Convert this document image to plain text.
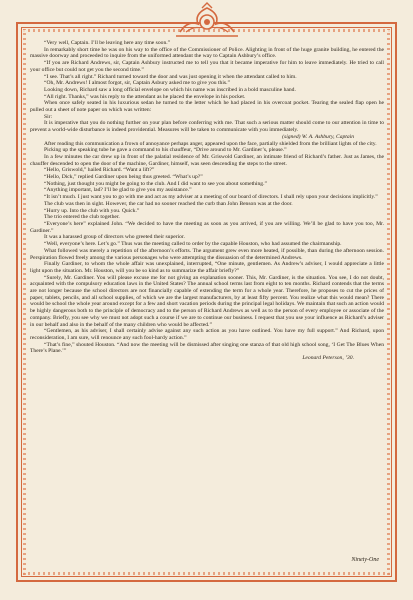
“Very well, Captain. I’ll be leaving here any time soon.”

In remarkably short time he was on his way to the office of the Commissioner of Police. Alighting in front of the huge granite building, he entered the massive doorway and proceeded to inquire from the uniformed attendant the way to Captain Ashbury’s office.

“If you are Richard Andrews, sir, Captain Ashbury instructed me to tell you that it became imperative for him to leave immediately. He tried to call your office but could not get you the second time.”

“I see. That’s all right.” Richard turned toward the door and was just opening it when the attendant called to him.

“Oh, Mr. Andrews! I almost forgot, sir, Captain Asbury asked me to give you this.”

Looking down, Richard saw a long official envelope on which his name was inscribed in a bold masculine hand.

“All right. Thanks,” was his reply to the attendant as he placed the envelope in his pocket.

When once safely seated in his luxurious sedan he turned to the letter which he had placed in his overcoat pocket. Tearing the sealed flap open he pulled out a sheet of note paper on which was written:

Sir:

It is imperative that you do nothing further on your plan before conferring with me. That such a serious matter should come to our attention in time to prevent a world-wide disturbance is indeed providential. Measures will be taken to communicate with you immediately.

(signed) W. A. Ashbury, Captain

After reading this communication a frown of annoyance perhaps anger, appeared upon the face, partially shielded from the brilliant lights of the city.

Picking up the speaking tube he gave a command to his chauffeur, “Drive around to Mr. Gardiner’s, please.”

In a few minutes the car drew up in front of the palatial residence of Mr. Griswold Gardiner, an intimate friend of Richard’s father. Just as James, the chauffer descended to open the door of the machine, Gardiner, himself, was seen descending the steps to the street.

“Hello, Griswold,” hailed Richard. “Want a lift?”

“Hello, Dick,” replied Gardiner upon being thus greeted. “What’s up?”

“Nothing, just thought you might be going to the club. And I did want to see you about something.”

“Anything important, lad? I’ll be glad to give you my assistance.”

“It isn’t much. I just want you to go with me and act as my adviser at a meeting of our board of directors. I shall rely upon your decisions implicitly.”

The club was then in sight. However, the car had no sooner reached the curb than John Benson was at the door.

“Hurry up. Into the club with you. Quick.”

The trio entered the club together.

“Everyone’s here” explained John. “We decided to have the meeting as soon as you arrived, if you are willing. We’ll be glad to have you too, Mr. Gardiner.”

It was a harassed group of directors who greeted their superior.

“Well, everyone’s here. Let’s go.” Thus was the meeting called to order by the capable Houston, who had assumed the chairmanship.

What followed was merely a repetition of the afternoon’s efforts. The argument grew even more heated, if possible, than during the afternoon session. Perspiration flowed freely among the various personages who were attempting the dissuasion of the determined Andrews.

Finally Gardiner, to whom the whole affair was unexplained, interrupted, “One minute, gentlemen. As Andrew’s adviser, I would appreciate a little light upon the situation. Mr. Houston, will you be so kind as to summarize the affair briefly?”

“Surely, Mr. Gardiner. You will please excuse me for not giving an explanation sooner. This, Mr. Gardiner, is the situation. You see, I do not doubt, acquainted with the compulsory education laws in the United States? The annual school terms last from eight to ten months. Richard contends that the terms are not longer because the school directors are not financially capable of extending the term for a whole year. Therefore, he proposes to cut the prices of paper, tablets, pencils, and all school supplies, of which we are the largest manufacturers, by at least fifty percent. You realize what this would mean? There would be school the whole year around except for a few and short vacation periods during the principal legal holidays. We maintain that such an action would be highly dangerous both to the principle of democracy and to the person of Richard Andrews as well as to the person of every employee or associate of the company. Briefly, you see why we must not adopt such a course if we are to continue our business. I request that you use your influence as Richard’s adviser in our behalf and also in the behalf of the many children who would be affected.”

“Gentlemen, as his adviser, I shall certainly advise against any such action as you have outlined. You have my full support.” And Richard, upon reconsideration, I am sure, will renounce any such fool-hardy action.”

“That’s fine,” shouted Houston. “And now the meeting will be dismissed after singing one stanza of that old high school song, ‘I Get The Blues When There’s Plane.’”

Leonard Peterson, ’30.

Ninety-One
